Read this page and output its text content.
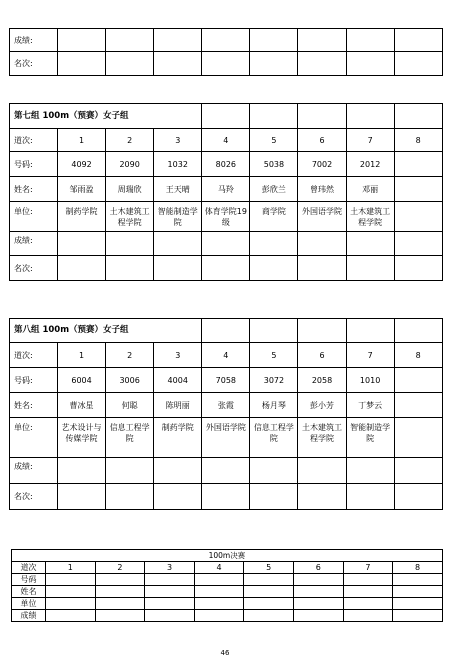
成绩:								
名次:								
第七组 100m（预赛）女子组								
道次:	1	2	3	4	5	6	7	8
号码:	4092	2090	1032	8026	5038	7002	2012	
姓名:	邹雨盈	周瑞欣	王天晴	马羚	彭欣兰	曾玮然	邓丽	
单位:	制药学院	土木建筑工程学院	智能制造学院	体育学院19级	商学院	外国语学院	土木建筑工程学院	
成绩:								
名次:								
第八组 100m（预赛）女子组								
道次:	1	2	3	4	5	6	7	8
号码:	6004	3006	4004	7058	3072	2058	1010	
姓名:	曹冰星	何聪	陈明丽	张霞	杨月琴	彭小芳	丁梦云	
单位:	艺术设计与传媒学院	信息工程学院	制药学院	外国语学院	信息工程学院	土木建筑工程学院	智能制造学院	
成绩:								
名次:								
100m决赛								
道次	1	2	3	4	5	6	7	8
号码								
姓名								
单位								
成绩								
46
